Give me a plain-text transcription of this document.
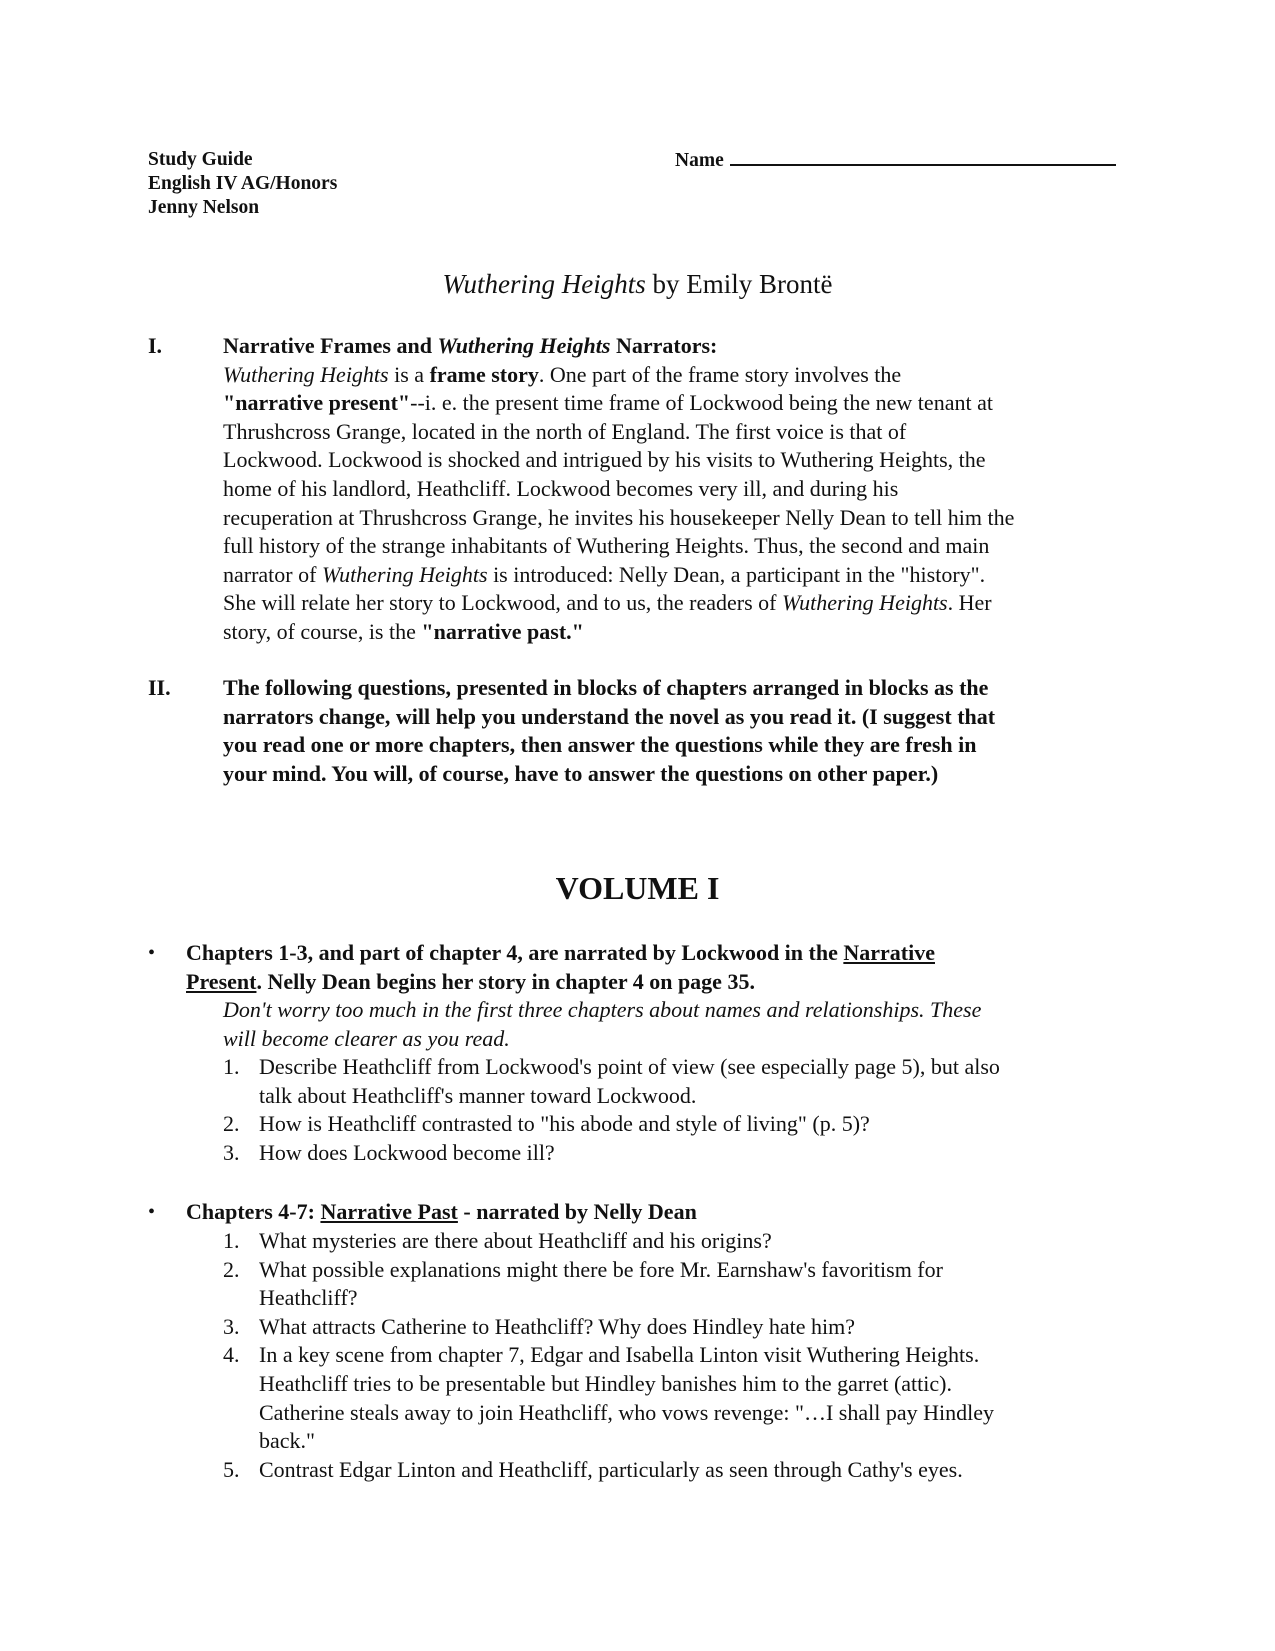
Study Guide
English IV AG/Honors
Jenny Nelson
Name
Wuthering Heights by Emily Brontë
I.	Narrative Frames and Wuthering Heights Narrators:
Wuthering Heights is a frame story. One part of the frame story involves the
"narrative present"--i. e. the present time frame of Lockwood being the new tenant at
Thrushcross Grange, located in the north of England. The first voice is that of
Lockwood. Lockwood is shocked and intrigued by his visits to Wuthering Heights, the
home of his landlord, Heathcliff. Lockwood becomes very ill, and during his
recuperation at Thrushcross Grange, he invites his housekeeper Nelly Dean to tell him the
full history of the strange inhabitants of Wuthering Heights. Thus, the second and main
narrator of Wuthering Heights is introduced: Nelly Dean, a participant in the "history".
She will relate her story to Lockwood, and to us, the readers of Wuthering Heights. Her
story, of course, is the "narrative past."
II. The following questions, presented in blocks of chapters arranged in blocks as the
narrators change, will help you understand the novel as you read it. (I suggest that
you read one or more chapters, then answer the questions while they are fresh in
your mind. You will, of course, have to answer the questions on other paper.)
VOLUME I
• Chapters 1-3, and part of chapter 4, are narrated by Lockwood in the Narrative
Present. Nelly Dean begins her story in chapter 4 on page 35.
Don't worry too much in the first three chapters about names and relationships. These
will become clearer as you read.
1. Describe Heathcliff from Lockwood's point of view (see especially page 5), but also
talk about Heathcliff's manner toward Lockwood.
2. How is Heathcliff contrasted to "his abode and style of living" (p. 5)?
3. How does Lockwood become ill?
• Chapters 4-7: Narrative Past - narrated by Nelly Dean
1. What mysteries are there about Heathcliff and his origins?
2. What possible explanations might there be fore Mr. Earnshaw's favoritism for
Heathcliff?
3. What attracts Catherine to Heathcliff? Why does Hindley hate him?
4. In a key scene from chapter 7, Edgar and Isabella Linton visit Wuthering Heights.
Heathcliff tries to be presentable but Hindley banishes him to the garret (attic).
Catherine steals away to join Heathcliff, who vows revenge: "…I shall pay Hindley
back."
5. Contrast Edgar Linton and Heathcliff, particularly as seen through Cathy's eyes.
